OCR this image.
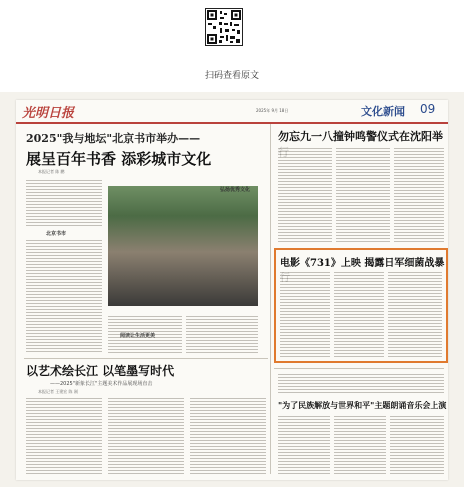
扫码查看原文
光明日报	2025年 9月 18日	文化新闻 09
2025"我与地坛"北京书市举办——
展呈百年书香 添彩城市文化
本报记者 陈 鹏
北京书市
阅读让生活更美
勿忘九一八撞钟鸣警仪式在沈阳举
弘扬优秀文化
电影《731》上映 揭露日军细菌战暴
以艺术绘长江 以笔墨写时代
——2025"新象长江"主题美术作品展现场直击
本报记者 王建宏 陈 刚
"为了民族解放与世界和平"主题朗诵音乐会上演
